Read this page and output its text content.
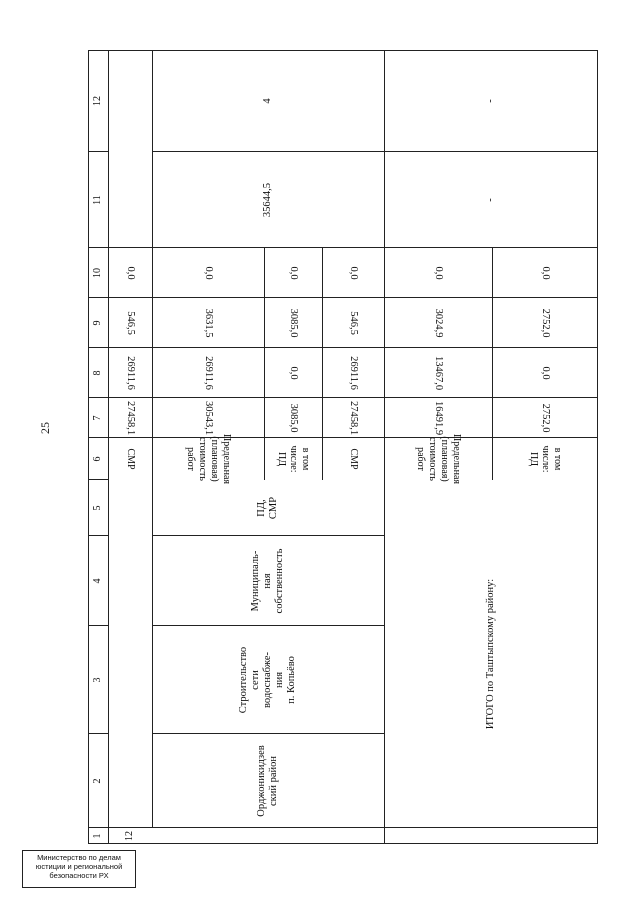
25
1
2
3
4
5
6
7
8
9
10
11
12
12
Орджоникидзев
ский район
Строительство
сети
водоснабже-
ния
п. Копьёво
Муниципаль-
ная
собственность
ПД,
СМР
СМР
27458,1
26911,6
546,5
0,0
Предельная
(плановая)
стоимость работ
30543,1
26911,6
3631,5
0,0
в том
числе:
ПД
3085,0
0,0
3085,0
0,0
СМР
27458,1
26911,6
546,5
0,0
35644,5
4
ИТОГО по Таштыпскому району:
Предельная
(плановая)
стоимость работ
16491,9
13467,0
3024,9
0,0
в том
числе:
ПД
2752,0
0,0
2752,0
0,0
-
-
Министерство по делам
юстиции и региональной
безопасности РХ
